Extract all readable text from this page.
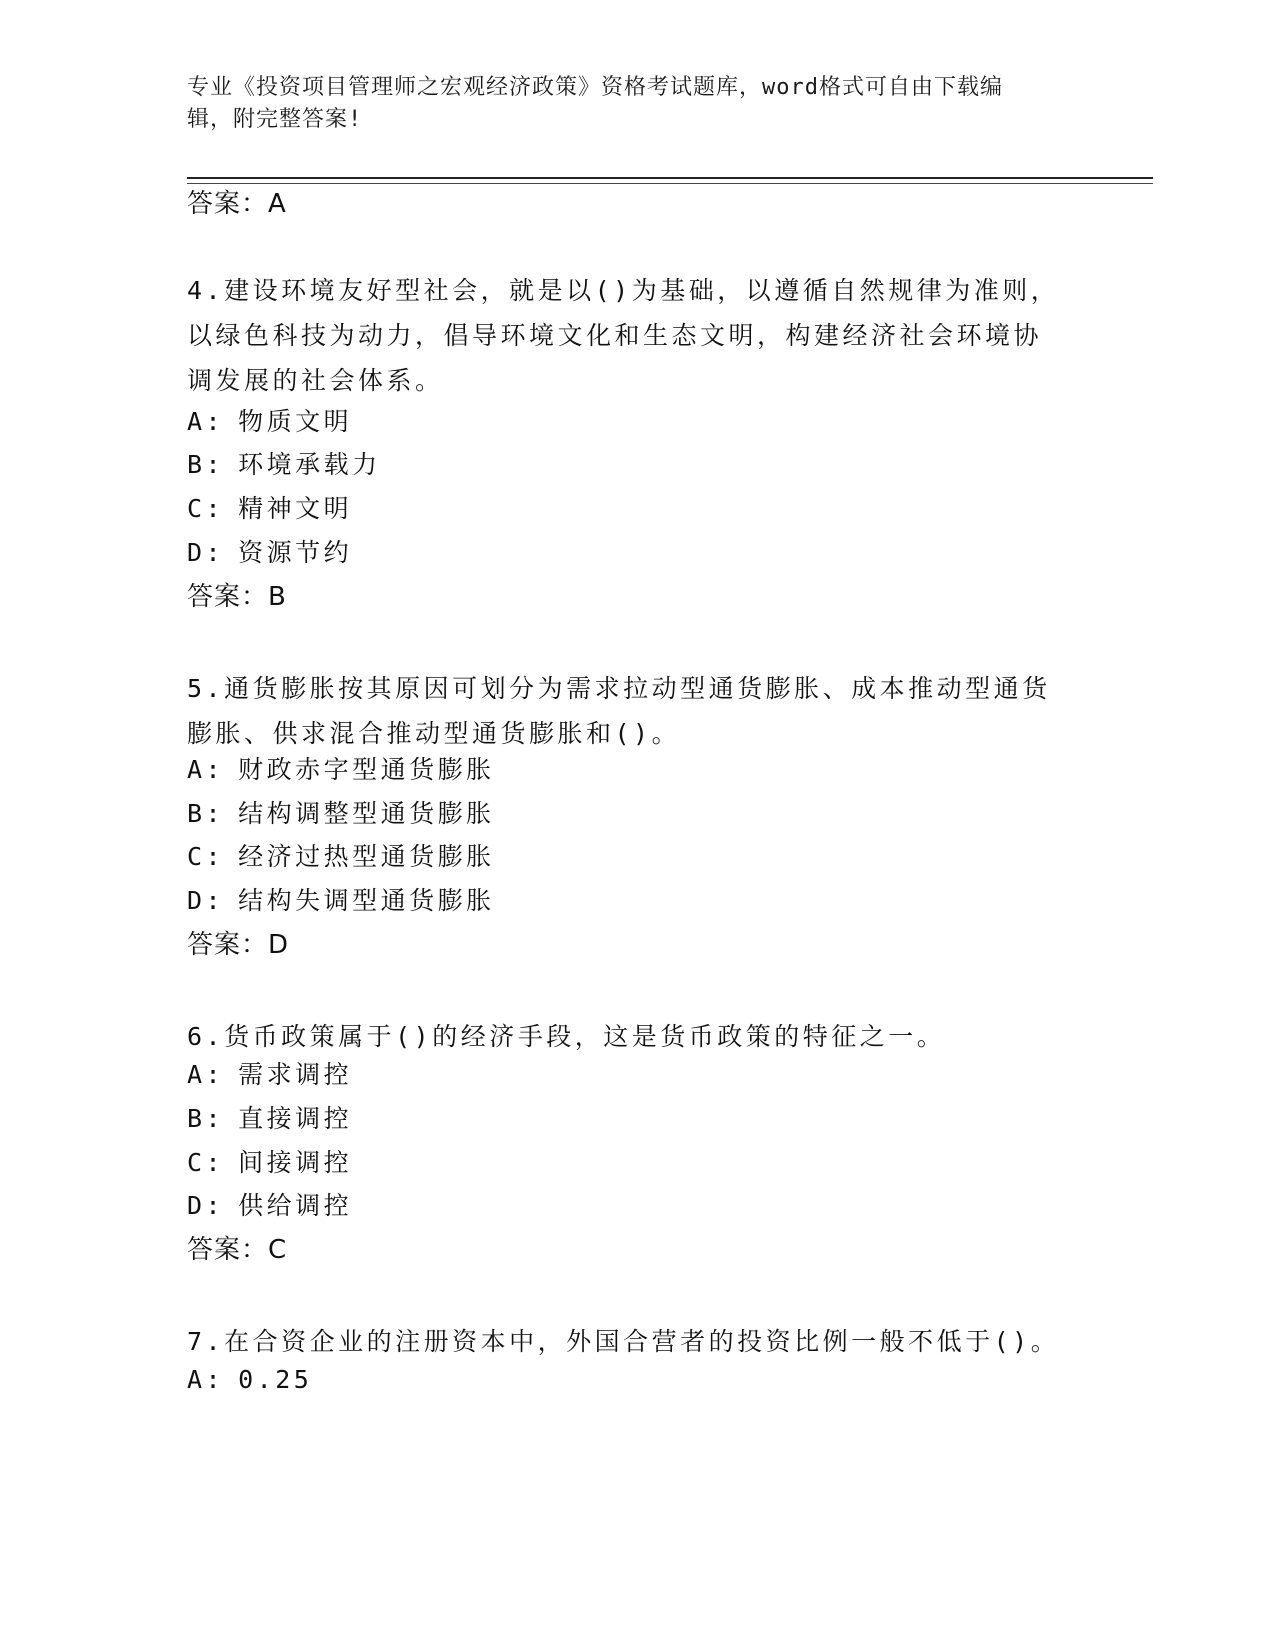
专业《投资项目管理师之宏观经济政策》资格考试题库，word格式可自由下载编
辑，附完整答案!
答案：A
4.建设环境友好型社会，就是以()为基础，以遵循自然规律为准则，
以绿色科技为动力，倡导环境文化和生态文明，构建经济社会环境协
调发展的社会体系。
A: 物质文明
B: 环境承载力
C: 精神文明
D: 资源节约
答案：B
5.通货膨胀按其原因可划分为需求拉动型通货膨胀、成本推动型通货
膨胀、供求混合推动型通货膨胀和()。
A: 财政赤字型通货膨胀
B: 结构调整型通货膨胀
C: 经济过热型通货膨胀
D: 结构失调型通货膨胀
答案：D
6.货币政策属于()的经济手段，这是货币政策的特征之一。
A: 需求调控
B: 直接调控
C: 间接调控
D: 供给调控
答案：C
7.在合资企业的注册资本中，外国合营者的投资比例一般不低于()。
A: 0.25
